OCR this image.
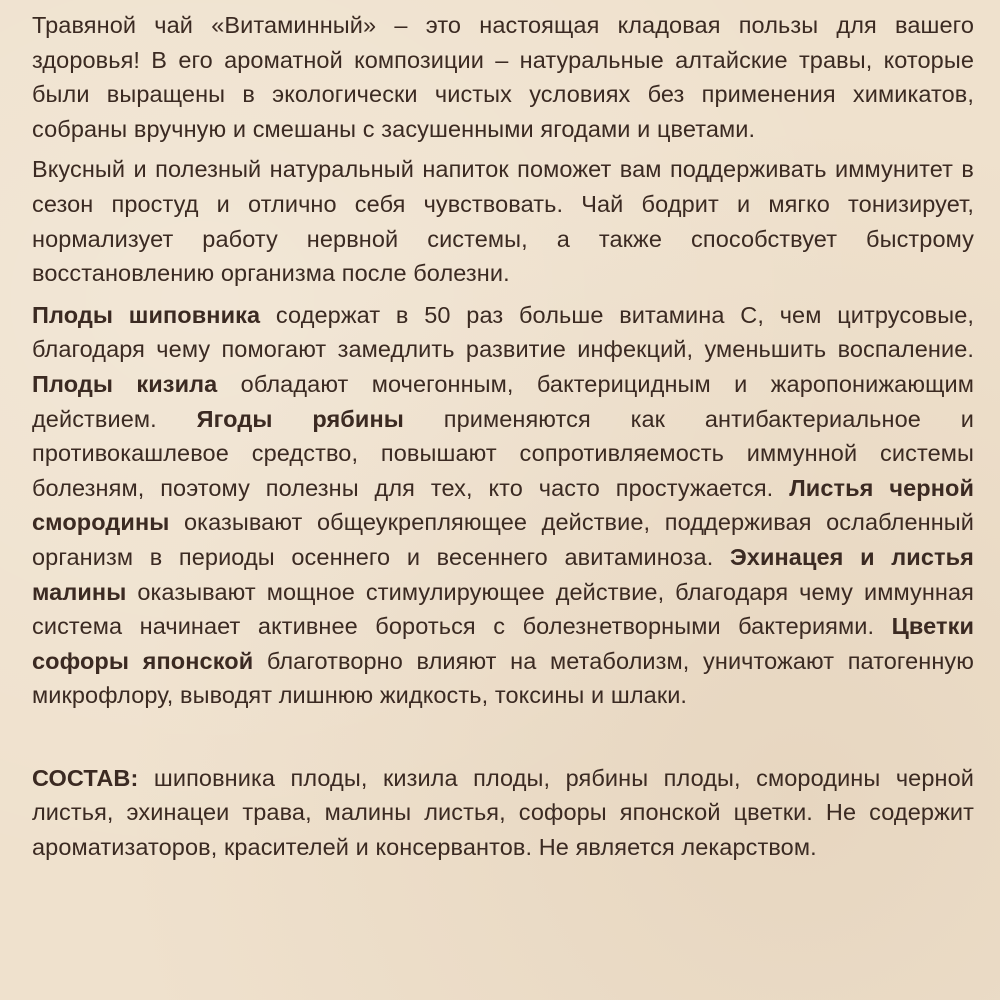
Травяной чай «Витаминный» – это настоящая кладовая пользы для вашего здоровья! В его ароматной композиции – натуральные алтайские травы, которые были выращены в экологически чистых условиях без применения химикатов, собраны вручную и смешаны с засушенными ягодами и цветами.

Вкусный и полезный натуральный напиток поможет вам поддерживать иммунитет в сезон простуд и отлично себя чувствовать. Чай бодрит и мягко тонизирует, нормализует работу нервной системы, а также способствует быстрому восстановлению организма после болезни.

Плоды шиповника содержат в 50 раз больше витамина С, чем цитрусовые, благодаря чему помогают замедлить развитие инфекций, уменьшить воспаление. Плоды кизила обладают мочегонным, бактерицидным и жаропонижающим действием. Ягоды рябины применяются как антибактериальное и противокашлевое средство, повышают сопротивляемость иммунной системы болезням, поэтому полезны для тех, кто часто простужается. Листья черной смородины оказывают общеукрепляющее действие, поддерживая ослабленный организм в периоды осеннего и весеннего авитаминоза. Эхинацея и листья малины оказывают мощное стимулирующее действие, благодаря чему иммунная система начинает активнее бороться с болезнетворными бактериями. Цветки софоры японской благотворно влияют на метаболизм, уничтожают патогенную микрофлору, выводят лишнюю жидкость, токсины и шлаки.

СОСТАВ: шиповника плоды, кизила плоды, рябины плоды, смородины черной листья, эхинацеи трава, малины листья, софоры японской цветки. Не содержит ароматизаторов, красителей и консервантов. Не является лекарством.
